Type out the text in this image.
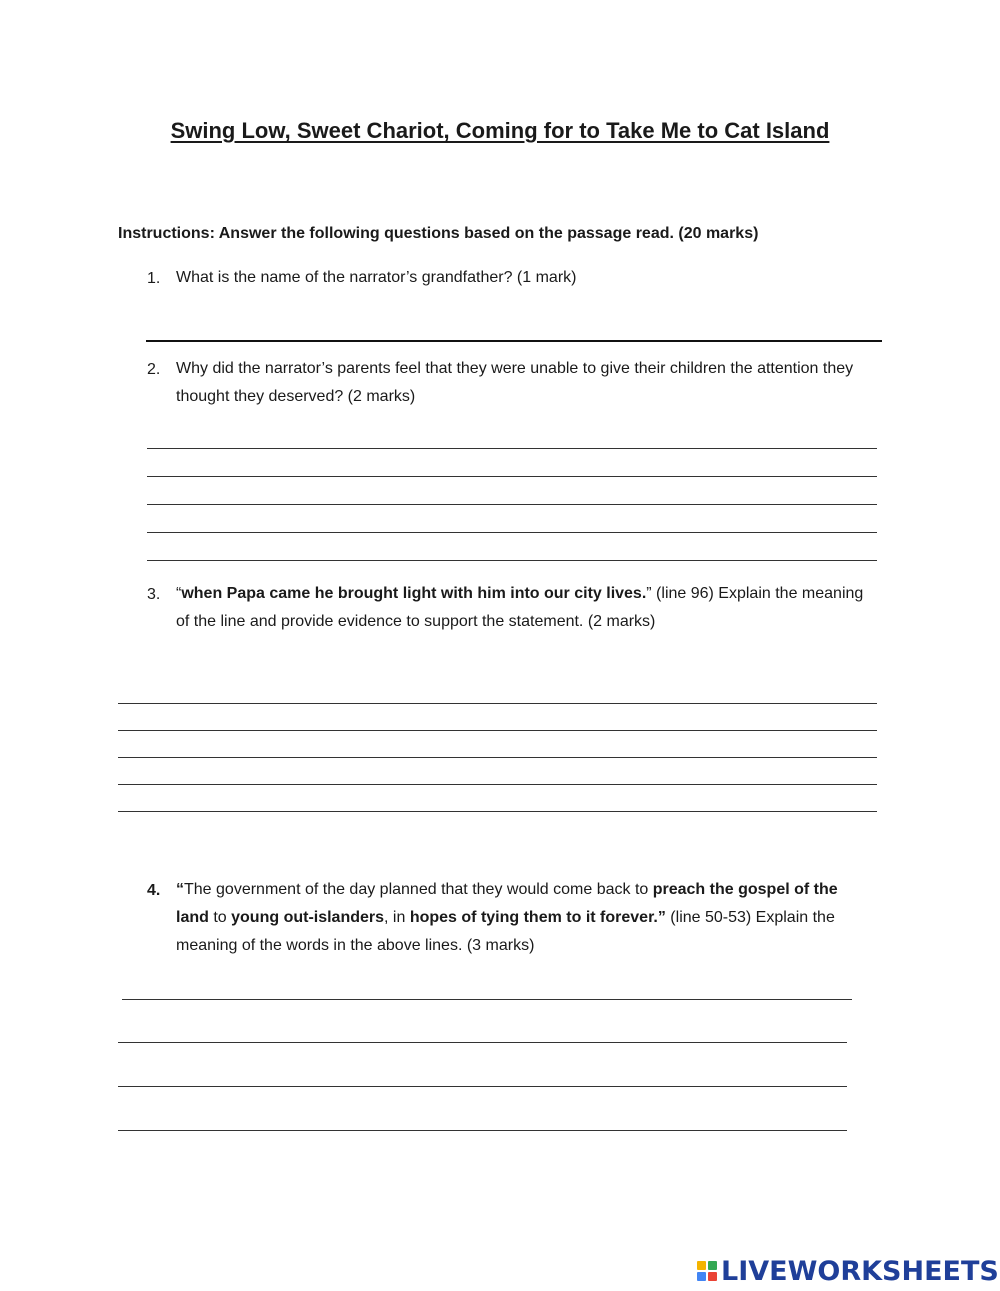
Swing Low, Sweet Chariot, Coming for to Take Me to Cat Island
Instructions: Answer the following questions based on the passage read. (20 marks)
1. What is the name of the narrator’s grandfather? (1 mark)
2. Why did the narrator’s parents feel that they were unable to give their children the attention they thought they deserved? (2 marks)
3. “when Papa came he brought light with him into our city lives.” (line 96) Explain the meaning of the line and provide evidence to support the statement. (2 marks)
4. “The government of the day planned that they would come back to preach the gospel of the land to young out-islanders, in hopes of tying them to it forever.” (line 50-53) Explain the meaning of the words in the above lines. (3 marks)
LIVEWORKSHEETS
